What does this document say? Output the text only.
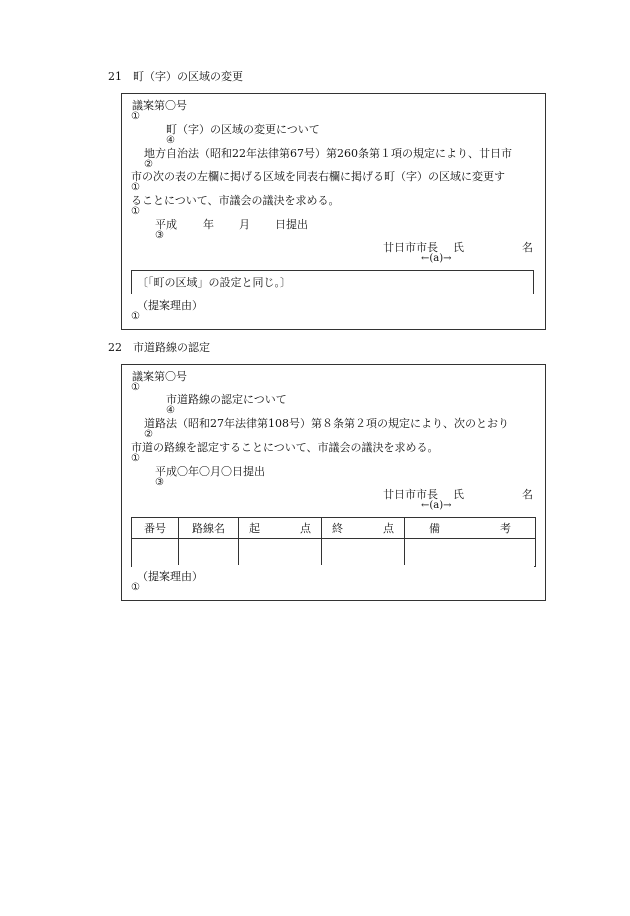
21　町（字）の区域の変更
議案第〇号
①
町（字）の区域の変更について
④
地方自治法（昭和22年法律第67号）第260条第１項の規定により、廿日市
②
市の次の表の左欄に掲げる区域を同表右欄に掲げる町（字）の区域に変更す
①
ることについて、市議会の議決を求める。
①
平成 年 月 日提出
③
廿日市市長 氏	名
←(a)→
〔「町の区域」の設定と同じ。〕
（提案理由）
①
22　市道路線の認定
議案第〇号
①
市道路線の認定について
④
道路法（昭和27年法律第108号）第８条第２項の規定により、次のとおり
②
市道の路線を認定することについて、市議会の議決を求める。
①
平成〇年〇月〇日提出
③
廿日市市長 氏	名
←(a)→
番号	路線名	起 点	終 点	備 考

（提案理由）
①
